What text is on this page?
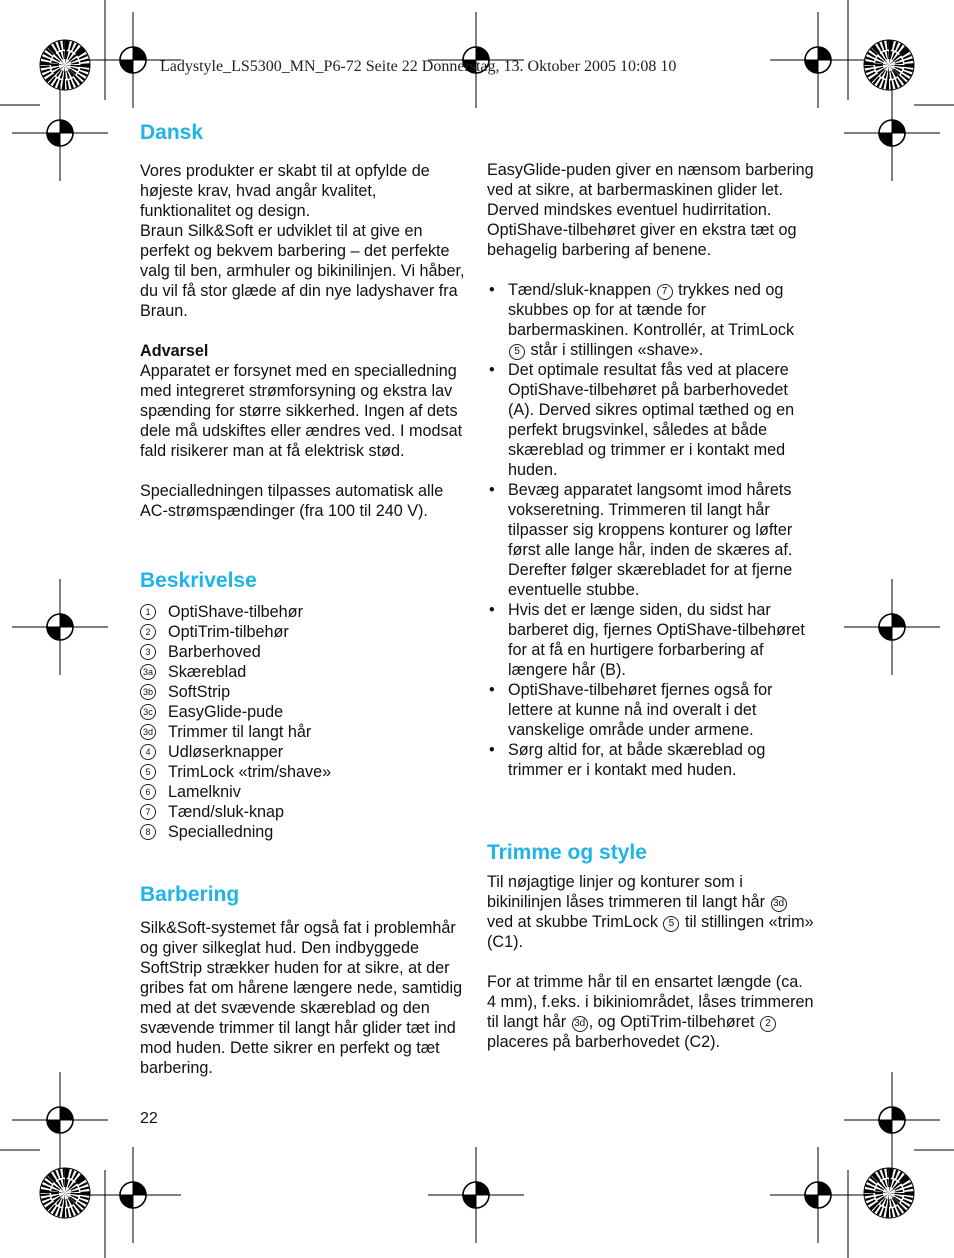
Ladystyle_LS5300_MN_P6-72 Seite 22 Donnerstag, 13. Oktober 2005 10:08 10
Dansk

Vores produkter er skabt til at opfylde de højeste krav, hvad angår kvalitet, funktionalitet og design.

Braun Silk&Soft er udviklet til at give en perfekt og bekvem barbering – det perfekte valg til ben, armhuler og bikinilinjen. Vi håber, du vil få stor glæde af din nye ladyshaver fra Braun.

Advarsel

Apparatet er forsynet med en specialledning med integreret strømforsyning og ekstra lav spænding for større sikkerhed. Ingen af dets dele må udskiftes eller ændres ved. I modsat fald risikerer man at få elektrisk stød.

Specialledningen tilpasses automatisk alle AC-strømspændinger (fra 100 til 240 V).

Beskrivelse
1	OptiShave-tilbehør
2	OptiTrim-tilbehør
3	Barberhoved
3a Skæreblad
3b SoftStrip
3c EasyGlide-pude
3d Trimmer til langt hår
4	Udløserknapper
5	TrimLock «trim/shave»
6	Lamelkniv
7	Tænd/sluk-knap
8	Specialledning
Barbering

Silk&Soft-systemet får også fat i problemhår og giver silkeglat hud. Den indbyggede SoftStrip strækker huden for at sikre, at der gribes fat om hårene længere nede, samtidig med at det svævende skæreblad og den svævende trimmer til langt hår glider tæt ind mod huden. Dette sikrer en perfekt og tæt barbering.

EasyGlide-puden giver en nænsom barbering ved at sikre, at barbermaskinen glider let. Derved mindskes eventuel hudirritation.

OptiShave-tilbehøret giver en ekstra tæt og behagelig barbering af benene.

• Tænd/sluk-knappen 7 trykkes ned og skubbes op for at tænde for barbermaskinen. Kontrollér, at TrimLock 5 står i stillingen «shave».
• Det optimale resultat fås ved at placere OptiShave-tilbehøret på barberhovedet (A). Derved sikres optimal tæthed og en perfekt brugsvinkel, således at både skæreblad og trimmer er i kontakt med huden.
• Bevæg apparatet langsomt imod hårets vokseretning. Trimmeren til langt hår tilpasser sig kroppens konturer og løfter først alle lange hår, inden de skæres af. Derefter følger skærebladet for at fjerne eventuelle stubbe.
• Hvis det er længe siden, du sidst har barberet dig, fjernes OptiShave-tilbehøret for at få en hurtigere forbarbering af længere hår (B).
• OptiShave-tilbehøret fjernes også for lettere at kunne nå ind overalt i det vanskelige område under armene.
• Sørg altid for, at både skæreblad og trimmer er i kontakt med huden.
Trimme og style

Til nøjagtige linjer og konturer som i bikinilinjen låses trimmeren til langt hår 3d ved at skubbe TrimLock 5 til stillingen «trim» (C1).

For at trimme hår til en ensartet længde (ca. 4 mm), f.eks. i bikiniområdet, låses trimmeren til langt hår 3d , og OptiTrim-tilbehøret 2 placeres på barberhovedet (C2).

22
